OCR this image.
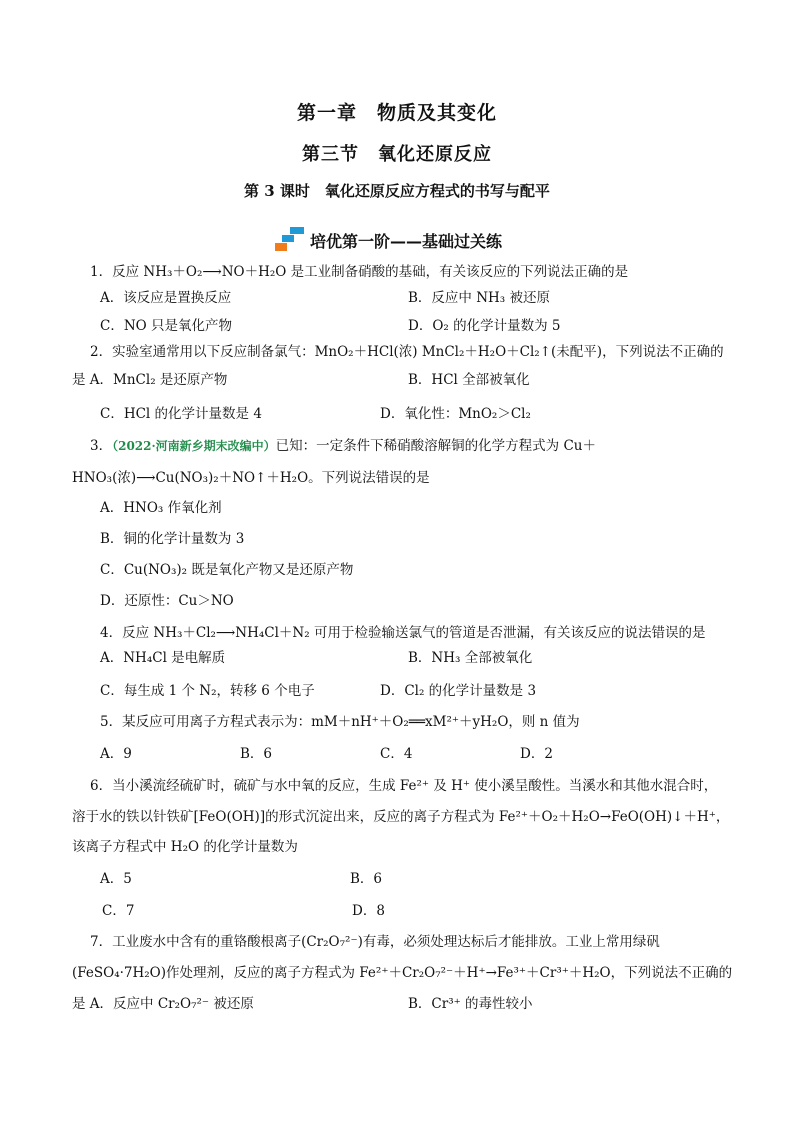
第一章　物质及其变化
第三节　氧化还原反应
第 3 课时　氧化还原反应方程式的书写与配平
培优第一阶——基础过关练
1．反应 NH₃＋O₂⟶NO＋H₂O 是工业制备硝酸的基础，有关该反应的下列说法正确的是
A．该反应是置换反应	B．反应中 NH₃ 被还原
C．NO 只是氧化产物	D．O₂ 的化学计量数为 5
2．实验室通常用以下反应制备氯气：MnO₂＋HCl(浓) MnCl₂＋H₂O＋Cl₂↑(未配平)，下列说法不正确的
是 A．MnCl₂ 是还原产物	B．HCl 全部被氧化
C．HCl 的化学计量数是 4	D．氧化性：MnO₂＞Cl₂
3．（2022·河南新乡期末改编中）已知：一定条件下稀硝酸溶解铜的化学方程式为 Cu＋
HNO₃(浓)⟶Cu(NO₃)₂＋NO↑＋H₂O。下列说法错误的是
A．HNO₃ 作氧化剂
B．铜的化学计量数为 3
C．Cu(NO₃)₂ 既是氧化产物又是还原产物
D．还原性：Cu＞NO
4．反应 NH₃＋Cl₂⟶NH₄Cl＋N₂ 可用于检验输送氯气的管道是否泄漏，有关该反应的说法错误的是
A．NH₄Cl 是电解质	B．NH₃ 全部被氧化
C．每生成 1 个 N₂，转移 6 个电子	D．Cl₂ 的化学计量数是 3
5．某反应可用离子方程式表示为：mM＋nH⁺＋O₂══xM²⁺＋yH₂O，则 n 值为
A．9	B．6	C．4	D．2
6．当小溪流经硫矿时，硫矿与水中氧的反应，生成 Fe²⁺ 及 H⁺ 使小溪呈酸性。当溪水和其他水混合时，
溶于水的铁以针铁矿[FeO(OH)]的形式沉淀出来，反应的离子方程式为 Fe²⁺＋O₂＋H₂O→FeO(OH)↓＋H⁺，
该离子方程式中 H₂O 的化学计量数为
A．5	B．6
C．7	D．8
7．工业废水中含有的重铬酸根离子(Cr₂O₇²⁻)有毒，必须处理达标后才能排放。工业上常用绿矾
(FeSO₄·7H₂O)作处理剂，反应的离子方程式为 Fe²⁺＋Cr₂O₇²⁻＋H⁺→Fe³⁺＋Cr³⁺＋H₂O，下列说法不正确的
是 A．反应中 Cr₂O₇²⁻ 被还原	B．Cr³⁺ 的毒性较小
